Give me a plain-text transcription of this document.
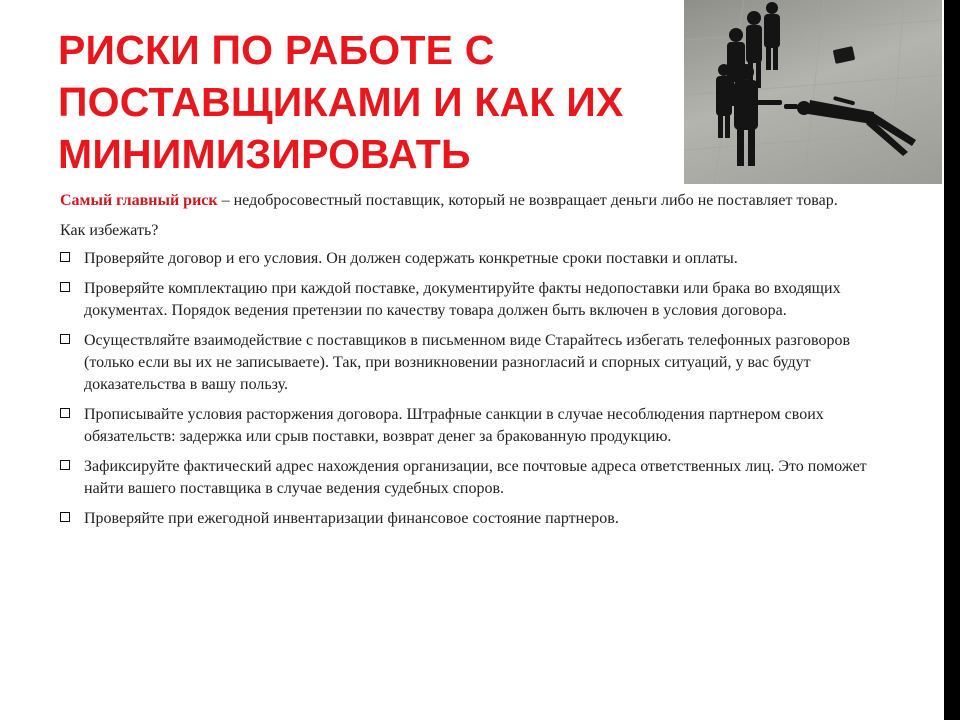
РИСКИ ПО РАБОТЕ С ПОСТАВЩИКАМИ И КАК ИХ МИНИМИЗИРОВАТЬ

Самый главный риск – недобросовестный поставщик, который не возвращает деньги либо не поставляет товар.

Как избежать?

Проверяйте договор и его условия. Он должен содержать конкретные сроки поставки и оплаты.
Проверяйте комплектацию при каждой поставке, документируйте факты недопоставки или брака во входящих документах. Порядок ведения претензии по качеству товара должен быть включен в условия договора.
Осуществляйте взаимодействие с поставщиков в письменном виде Старайтесь избегать телефонных разговоров (только если вы их не записываете). Так, при возникновении разногласий и спорных ситуаций, у вас будут доказательства в вашу пользу.
Прописывайте условия расторжения договора. Штрафные санкции в случае несоблюдения партнером своих обязательств: задержка или срыв поставки, возврат денег за бракованную продукцию.
Зафиксируйте фактический адрес нахождения организации, все почтовые адреса ответственных лиц. Это поможет найти вашего поставщика в случае ведения судебных споров.
Проверяйте при ежегодной инвентаризации финансовое состояние партнеров.
